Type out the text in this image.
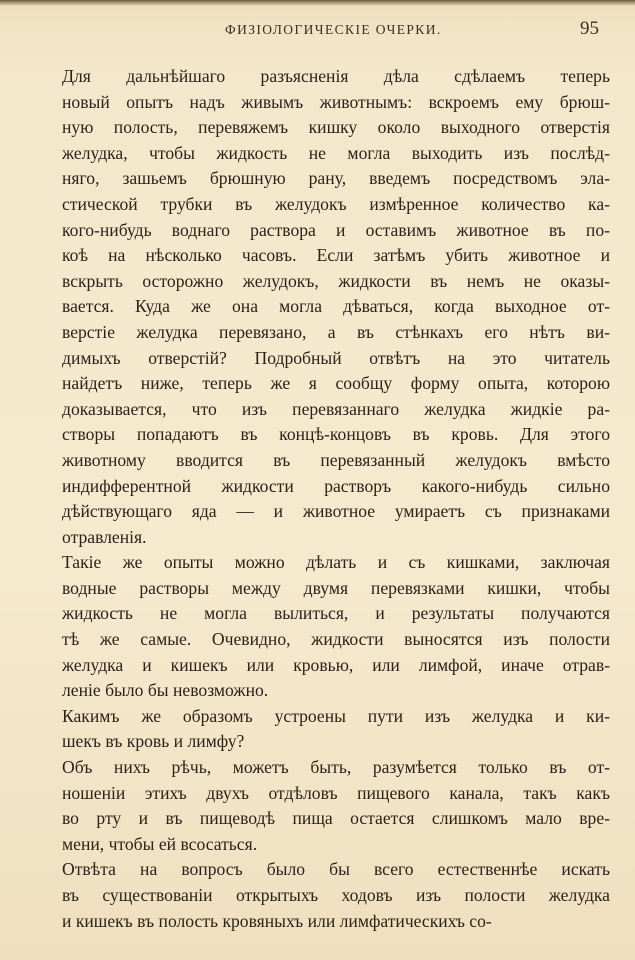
ФИЗIОЛОГИЧЕСКIЕ ОЧЕРКИ.	95
Для дальнѣйшаго разъясненія дѣла сдѣлаемъ теперь
новый опытъ надъ живымъ животнымъ: вскроемъ ему брюш-
ную полость, перевяжемъ кишку около выходного отверстія
желудка, чтобы жидкость не могла выходить изъ послѣд-
няго, зашьемъ брюшную рану, введемъ посредствомъ эла-
стической трубки въ желудокъ измѣренное количество ка-
кого-нибудь воднаго раствора и оставимъ животное въ по-
коѣ на нѣсколько часовъ. Если затѣмъ убить животное и
вскрыть осторожно желудокъ, жидкости въ немъ не оказы-
вается. Куда же она могла дѣваться, когда выходное от-
верстіе желудка перевязано, а въ стѣнкахъ его нѣтъ ви-
димыхъ отверстій? Подробный отвѣтъ на это читатель
найдетъ ниже, теперь же я сообщу форму опыта, которою
доказывается, что изъ перевязаннаго желудка жидкіе ра-
створы попадаютъ въ концѣ-концовъ въ кровь. Для этого
животному вводится въ перевязанный желудокъ вмѣсто
индифферентной жидкости растворъ какого-нибудь сильно
дѣйствующаго яда — и животное умираетъ съ признаками
отравленія.
Такіе же опыты можно дѣлать и съ кишками, заключая
водные растворы между двумя перевязками кишки, чтобы
жидкость не могла вылиться, и результаты получаются
тѣ же самые. Очевидно, жидкости выносятся изъ полости
желудка и кишекъ или кровью, или лимфой, иначе отрав-
леніе было бы невозможно.
Какимъ же образомъ устроены пути изъ желудка и ки-
шекъ въ кровь и лимфу?
Объ нихъ рѣчь, можетъ быть, разумѣется только въ от-
ношеніи этихъ двухъ отдѣловъ пищевого канала, такъ какъ
во рту и въ пищеводѣ пища остается слишкомъ мало вре-
мени, чтобы ей всосаться.
Отвѣта на вопросъ было бы всего естественнѣе искать
въ существованіи открытыхъ ходовъ изъ полости желудка
и кишекъ въ полость кровяныхъ или лимфатическихъ со-
